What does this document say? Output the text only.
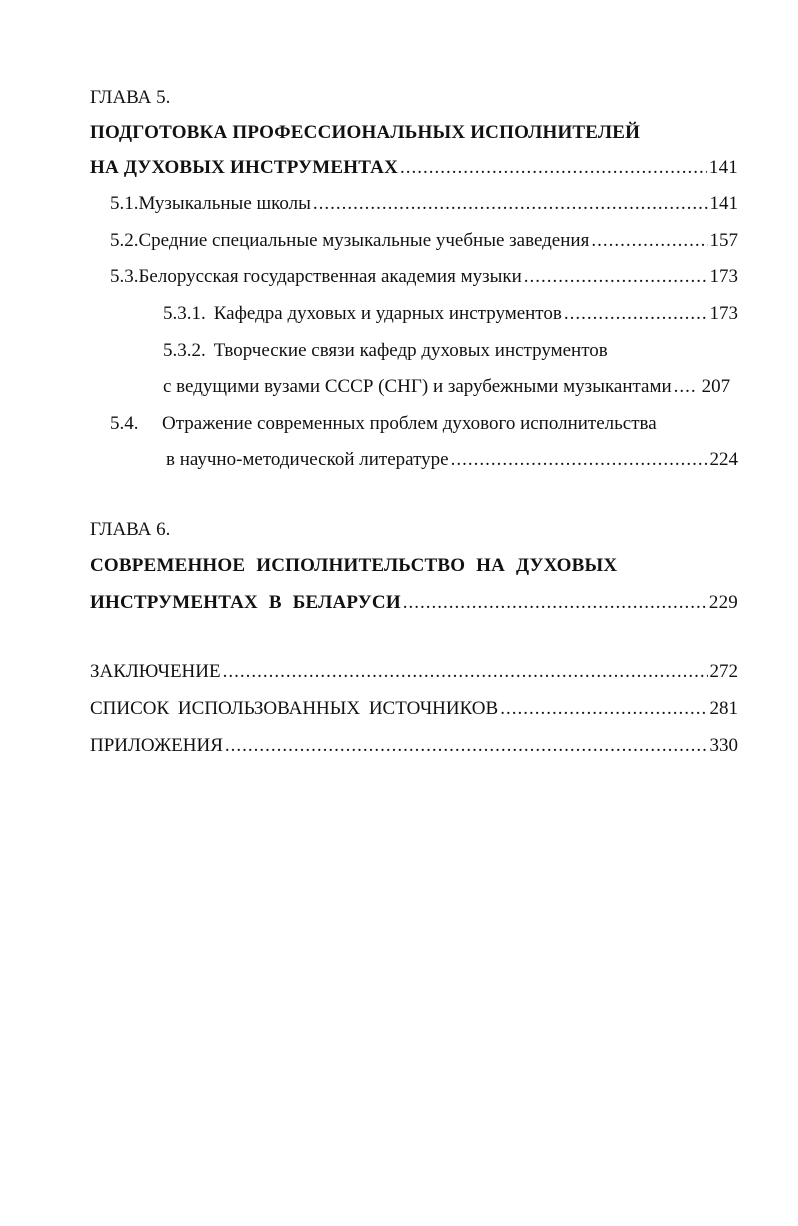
ГЛАВА 5.
ПОДГОТОВКА ПРОФЕССИОНАЛЬНЫХ ИСПОЛНИТЕЛЕЙ
НА ДУХОВЫХ ИНСТРУМЕНТАХ .....	141
5.1. Музыкальные школы .....	141
5.2. Средние специальные музыкальные учебные заведения .....	157
5.3. Белорусская государственная академия музыки .....	173
5.3.1. Кафедра духовых и ударных инструментов .....	173
5.3.2. Творческие связи кафедр духовых инструментов
с ведущими вузами СССР (СНГ) и зарубежными музыкантами ..... 207
5.4. Отражение современных проблем духового исполнительства
в научно-методической литературе .....	224
ГЛАВА 6.
СОВРЕМЕННОЕ ИСПОЛНИТЕЛЬСТВО НА ДУХОВЫХ
ИНСТРУМЕНТАХ В БЕЛАРУСИ .....	229
ЗАКЛЮЧЕНИЕ .....	272
СПИСОК ИСПОЛЬЗОВАННЫХ ИСТОЧНИКОВ .....	281
ПРИЛОЖЕНИЯ .....	330
